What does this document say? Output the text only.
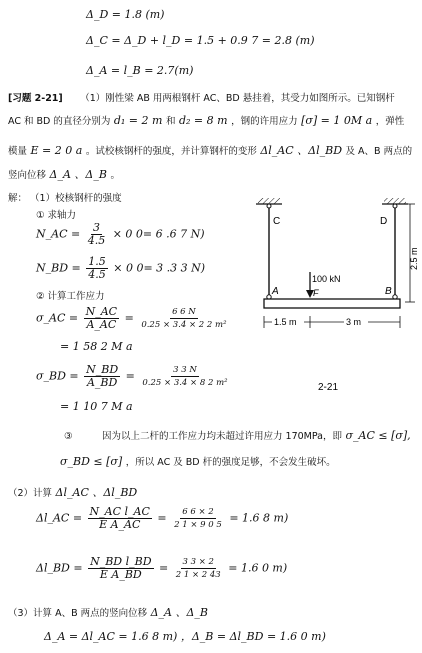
Δ_D = 1.8 (m)
Δ_C = Δ_D + l_D = 1.5 + 0.9 7 = 2.8 (m)
Δ_A = l_B = 2.7(m)
[习题 2-21] （1）刚性梁 AB 用两根钢杆 AC、BD 悬挂着，其受力如图所示。已知钢杆
AC 和 BD 的直径分别为 d₁ = 2 m 和 d₂ = 8 m ，钢的许用应力 [σ] = 1 0M a ，弹性
模量 E = 2 0 a 。试校核钢杆的强度，并计算钢杆的变形 Δl_AC 、Δl_BD 及 A、B 两点的
竖向位移 Δ_A 、Δ_B 。
解： （1）校核钢杆的强度
① 求轴力
N_AC = $\frac{3}{4.5} \times 0$ 0= 6 .6 7 N)
N_BD = $\frac{1.5}{4.5} \times 0$ 0= 3 .3 3 N)
② 计算工作应力
σ_AC = $\frac{N\_AC}{A\_AC} = \frac{6 6 N}{\text{0.25 × 3.4 × 2 2 m²}}$
= 1 58 2 M a
σ_BD = $\frac{N\_BD}{A\_BD} = \frac{3 3 N}{\text{0.25 × 3.4 × 8 2 m²}}$
= 1 10 7 M a
③	因为以上二杆的工作应力均未超过许用应力 170MPa，即 σ_AC ≤ [σ],
σ_BD ≤ [σ] ，所以 AC 及 BD 杆的强度足够，不会发生破坏。
（2）计算 Δl_AC 、Δl_BD
Δl_AC = $\frac{\text{N\_AC l\_AC}}{\text{E A\_AC}} = \frac{6 6 \times 2}{2 1 \times 9 0 5} = 1.6$ 8 m)
Δl_BD = $\frac{\text{N\_BD l\_BD}}{\text{E A\_BD}} = \frac{3 3 \times 2}{2 1 \times 2 43} = 1.6$ 0 m)
（3）计算 A、B 两点的竖向位移 Δ_A 、Δ_B
Δ_A = Δl_AC = 1.6 8 m) ，Δ_B = Δl_BD = 1.6 0 m)
C	D
A	B
F
100 kN
1.5 m	3 m
2.5 m
2-21
